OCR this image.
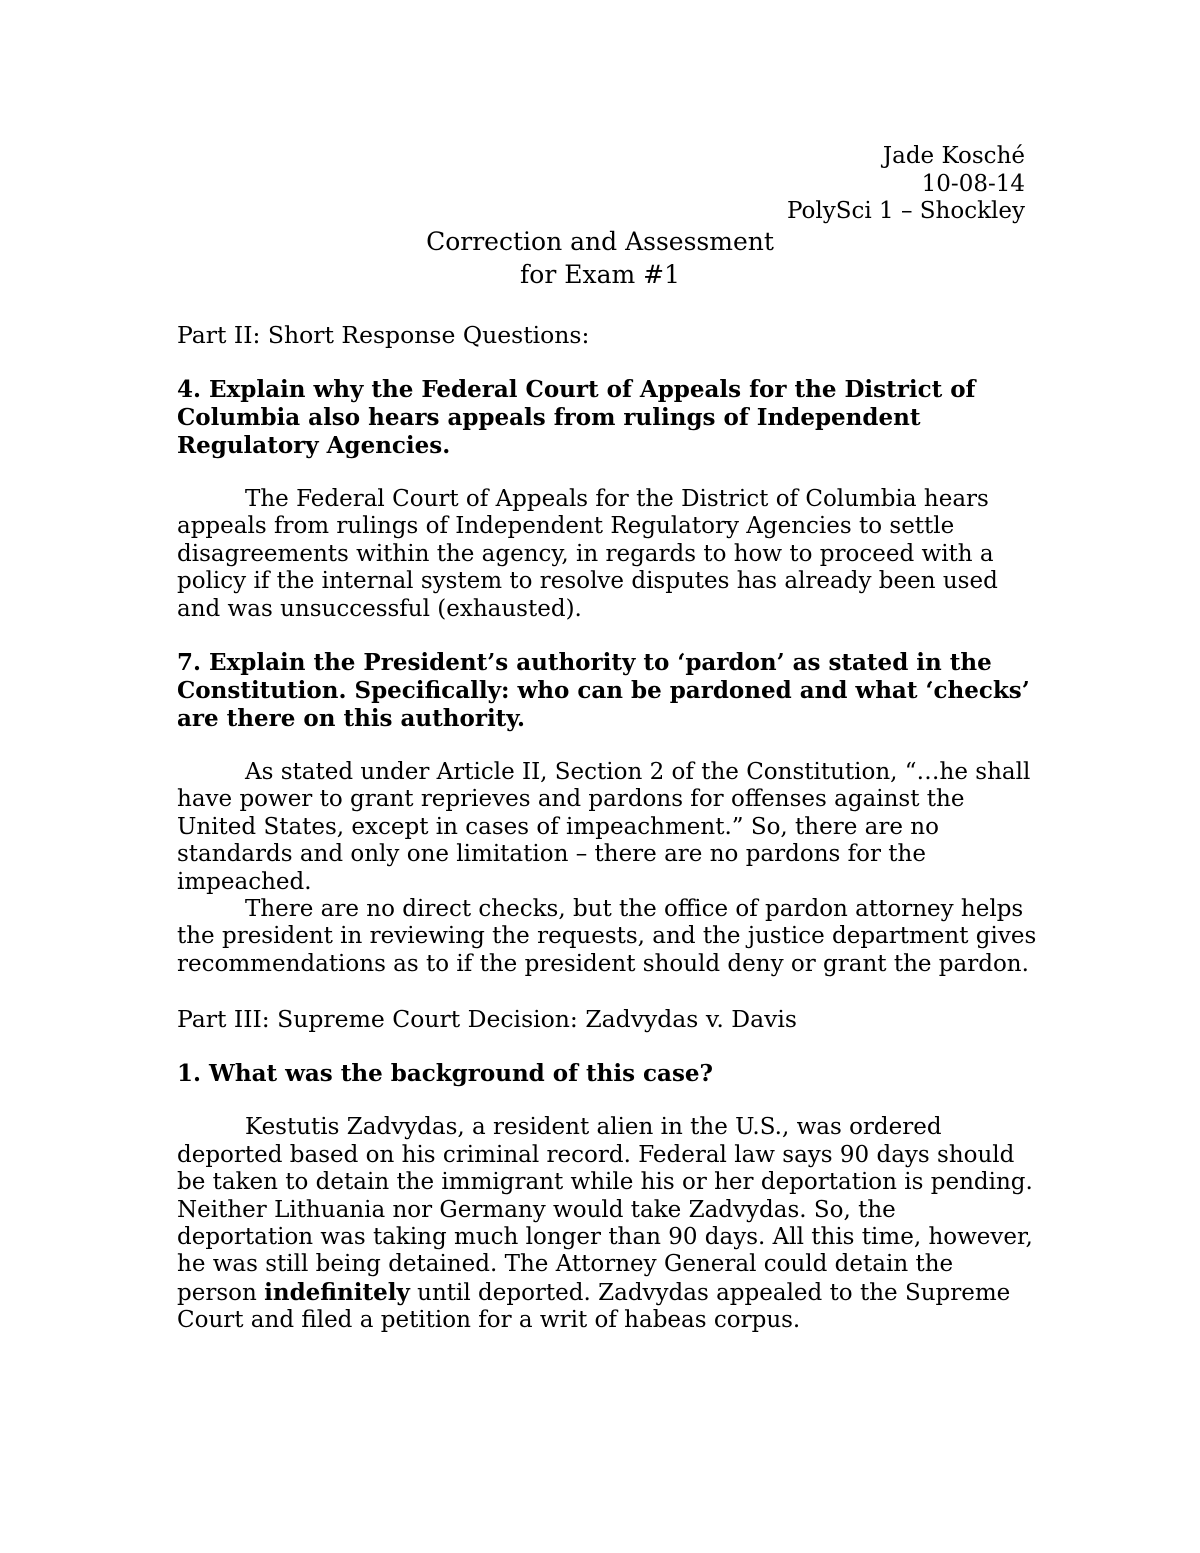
Jade Kosché
10-08-14
PolySci 1 – Shockley
Correction and Assessment
for Exam #1

Part II: Short Response Questions:

4. Explain why the Federal Court of Appeals for the District of Columbia also hears appeals from rulings of Independent Regulatory Agencies.

The Federal Court of Appeals for the District of Columbia hears appeals from rulings of Independent Regulatory Agencies to settle disagreements within the agency, in regards to how to proceed with a policy if the internal system to resolve disputes has already been used and was unsuccessful (exhausted).

7. Explain the President’s authority to ‘pardon’ as stated in the Constitution. Specifically: who can be pardoned and what ‘checks’ are there on this authority.

As stated under Article II, Section 2 of the Constitution, “…he shall have power to grant reprieves and pardons for offenses against the United States, except in cases of impeachment.” So, there are no standards and only one limitation – there are no pardons for the impeached.

There are no direct checks, but the office of pardon attorney helps the president in reviewing the requests, and the justice department gives recommendations as to if the president should deny or grant the pardon.

Part III: Supreme Court Decision: Zadvydas v. Davis

1. What was the background of this case?

Kestutis Zadvydas, a resident alien in the U.S., was ordered deported based on his criminal record. Federal law says 90 days should be taken to detain the immigrant while his or her deportation is pending. Neither Lithuania nor Germany would take Zadvydas. So, the deportation was taking much longer than 90 days. All this time, however, he was still being detained. The Attorney General could detain the person indefinitely until deported. Zadvydas appealed to the Supreme Court and filed a petition for a writ of habeas corpus.
